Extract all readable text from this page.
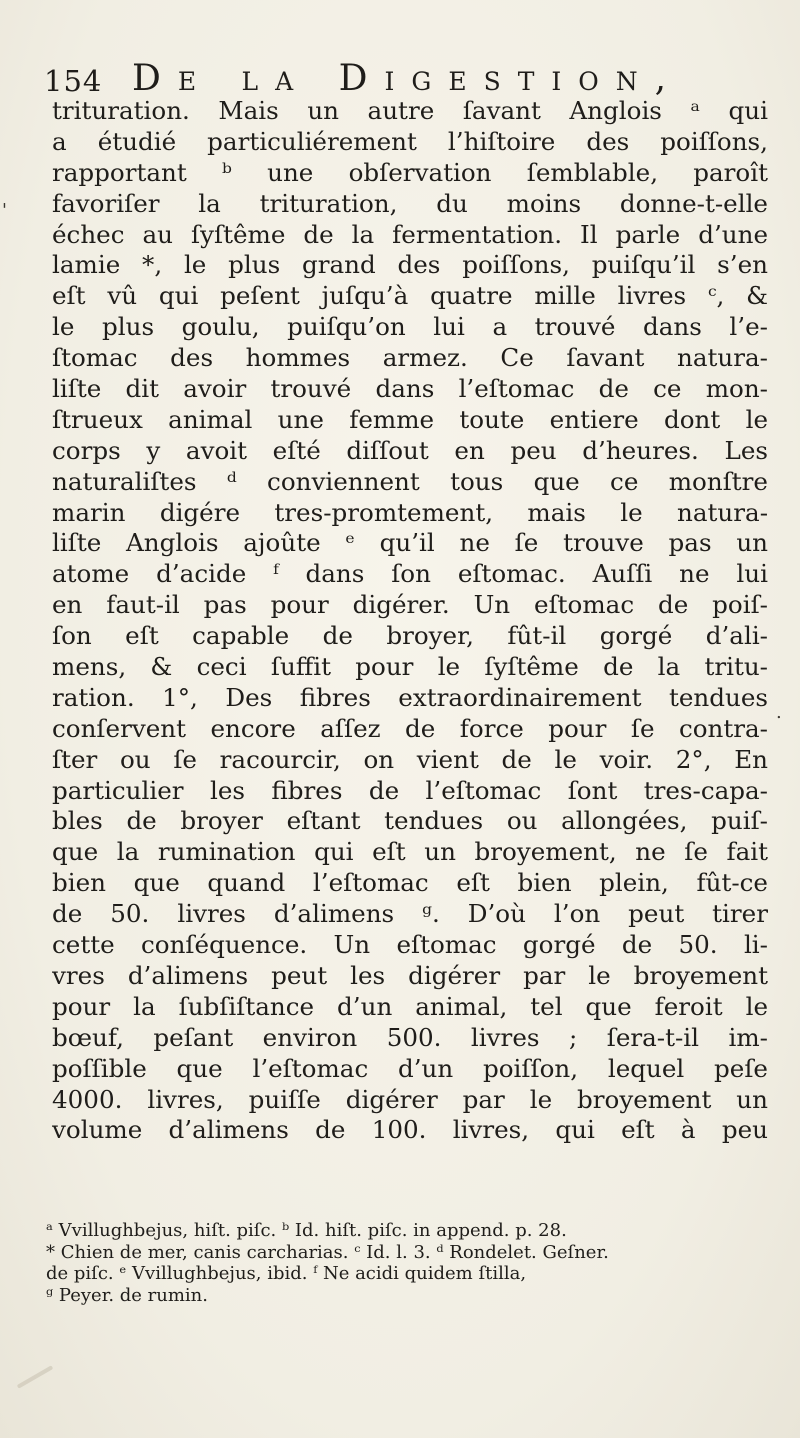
154 De la Digestion,
'
.
trituration. Mais un autre ſavant Anglois ᵃ qui
a étudié particuliérement l’hiſtoire des poiſſons,
rapportant ᵇ une obſervation ſemblable, paroît
favoriſer la trituration, du moins donne-t-elle
échec au ſyſtême de la fermentation. Il parle d’une
lamie *, le plus grand des poiſſons, puiſqu’il s’en
eſt vû qui peſent juſqu’à quatre mille livres ᶜ, &
le plus goulu, puiſqu’on lui a trouvé dans l’e-
ſtomac des hommes armez. Ce ſavant natura-
liſte dit avoir trouvé dans l’eſtomac de ce mon-
ſtrueux animal une femme toute entiere dont le
corps y avoit eſté diſſout en peu d’heures. Les
naturaliſtes ᵈ conviennent tous que ce monſtre
marin digére tres-promtement, mais le natura-
liſte Anglois ajoûte ᵉ qu’il ne ſe trouve pas un
atome d’acide ᶠ dans ſon eſtomac. Auſſi ne lui
en faut-il pas pour digérer. Un eſtomac de poiſ-
ſon eſt capable de broyer, fût-il gorgé d’ali-
mens, & ceci ſuffit pour le ſyſtême de la tritu-
ration. 1°, Des fibres extraordinairement tendues
conſervent encore aſſez de force pour ſe contra-
ſter ou ſe racourcir, on vient de le voir. 2°, En
particulier les fibres de l’eſtomac ſont tres-capa-
bles de broyer eſtant tendues ou allongées, puiſ-
que la rumination qui eſt un broyement, ne ſe fait
bien que quand l’eſtomac eſt bien plein, fût-ce
de 50. livres d’alimens ᵍ. D’où l’on peut tirer
cette conſéquence. Un eſtomac gorgé de 50. li-
vres d’alimens peut les digérer par le broyement
pour la ſubſiſtance d’un animal, tel que feroit le
bœuf, peſant environ 500. livres ; ſera-t-il im-
poſſible que l’eſtomac d’un poiſſon, lequel peſe
4000. livres, puiſſe digérer par le broyement un
volume d’alimens de 100. livres, qui eſt à peu
ᵃ Vvillughbejus, hiſt. piſc. ᵇ Id. hiſt. piſc. in append. p. 28.
* Chien de mer, canis carcharias. ᶜ Id. l. 3. ᵈ Rondelet. Geſner.
de piſc. ᵉ Vvillughbejus, ibid. ᶠ Ne acidi quidem ſtilla,
ᵍ Peyer. de rumin.
